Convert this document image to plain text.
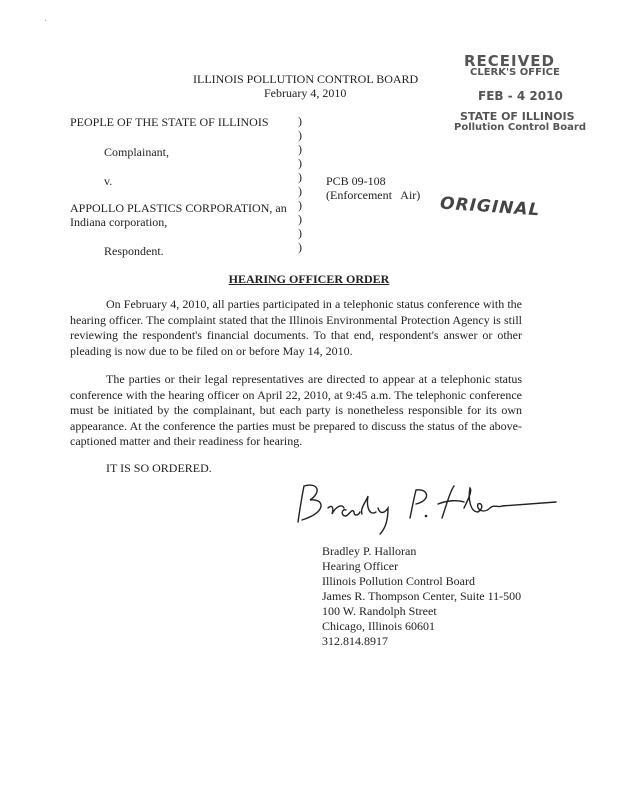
·
ILLINOIS POLLUTION CONTROL BOARD
February 4, 2010
RECEIVED
CLERK'S OFFICE
FEB - 4 2010
STATE OF ILLINOIS
Pollution Control Board
ORIGINAL
PEOPLE OF THE STATE OF ILLINOIS
Complainant,
v.
APPOLLO PLASTICS CORPORATION, an
Indiana corporation,
Respondent.
PCB 09-108
(Enforcement   Air)
)
)
)
)
)
)
)
)
)
)
HEARING OFFICER ORDER
On February 4, 2010, all parties participated in a telephonic status conference with the hearing officer. The complaint stated that the Illinois Environmental Protection Agency is still reviewing the respondent's financial documents. To that end, respondent's answer or other pleading is now due to be filed on or before May 14, 2010.
The parties or their legal representatives are directed to appear at a telephonic status conference with the hearing officer on April 22, 2010, at 9:45 a.m. The telephonic conference must be initiated by the complainant, but each party is nonetheless responsible for its own appearance. At the conference the parties must be prepared to discuss the status of the above-captioned matter and their readiness for hearing.
IT IS SO ORDERED.
Bradley P. Halloran
Hearing Officer
Illinois Pollution Control Board
James R. Thompson Center, Suite 11-500
100 W. Randolph Street
Chicago, Illinois 60601
312.814.8917
